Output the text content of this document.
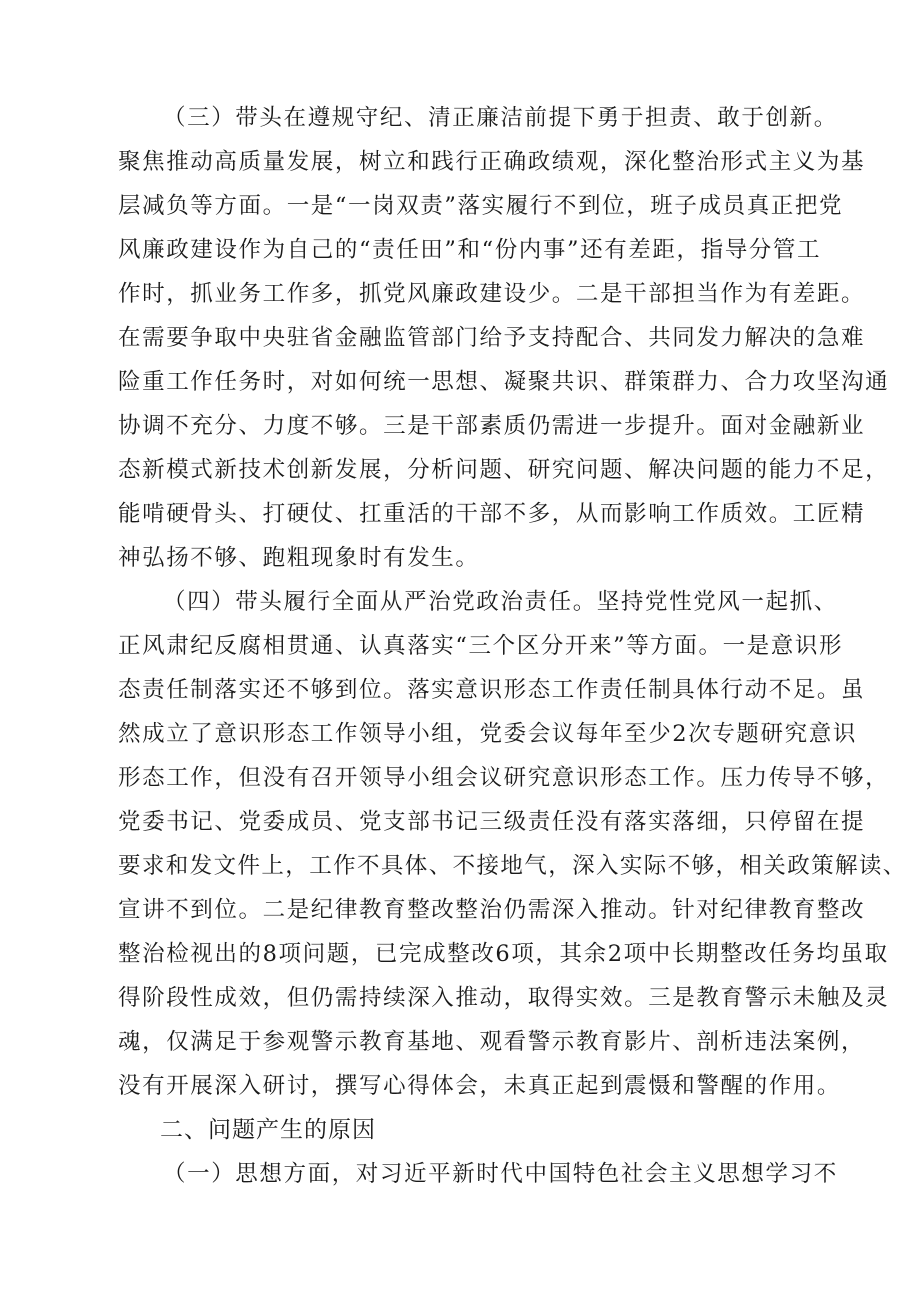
（三）带头在遵规守纪、清正廉洁前提下勇于担责、敢于创新。
聚焦推动高质量发展，树立和践行正确政绩观，深化整治形式主义为基
层减负等方面。一是“一岗双责”落实履行不到位，班子成员真正把党
风廉政建设作为自己的“责任田”和“份内事”还有差距，指导分管工
作时，抓业务工作多，抓党风廉政建设少。二是干部担当作为有差距。
在需要争取中央驻省金融监管部门给予支持配合、共同发力解决的急难
险重工作任务时，对如何统一思想、凝聚共识、群策群力、合力攻坚沟通
协调不充分、力度不够。三是干部素质仍需进一步提升。面对金融新业
态新模式新技术创新发展，分析问题、研究问题、解决问题的能力不足，
能啃硬骨头、打硬仗、扛重活的干部不多，从而影响工作质效。工匠精
神弘扬不够、跑粗现象时有发生。
（四）带头履行全面从严治党政治责任。坚持党性党风一起抓、
正风肃纪反腐相贯通、认真落实“三个区分开来”等方面。一是意识形
态责任制落实还不够到位。落实意识形态工作责任制具体行动不足。虽
然成立了意识形态工作领导小组，党委会议每年至少2次专题研究意识
形态工作，但没有召开领导小组会议研究意识形态工作。压力传导不够，
党委书记、党委成员、党支部书记三级责任没有落实落细，只停留在提
要求和发文件上，工作不具体、不接地气，深入实际不够，相关政策解读、
宣讲不到位。二是纪律教育整改整治仍需深入推动。针对纪律教育整改
整治检视出的8项问题，已完成整改6项，其余2项中长期整改任务均虽取
得阶段性成效，但仍需持续深入推动，取得实效。三是教育警示未触及灵
魂，仅满足于参观警示教育基地、观看警示教育影片、剖析违法案例，
没有开展深入研讨，撰写心得体会，未真正起到震慑和警醒的作用。
二、问题产生的原因
（一）思想方面，对习近平新时代中国特色社会主义思想学习不
